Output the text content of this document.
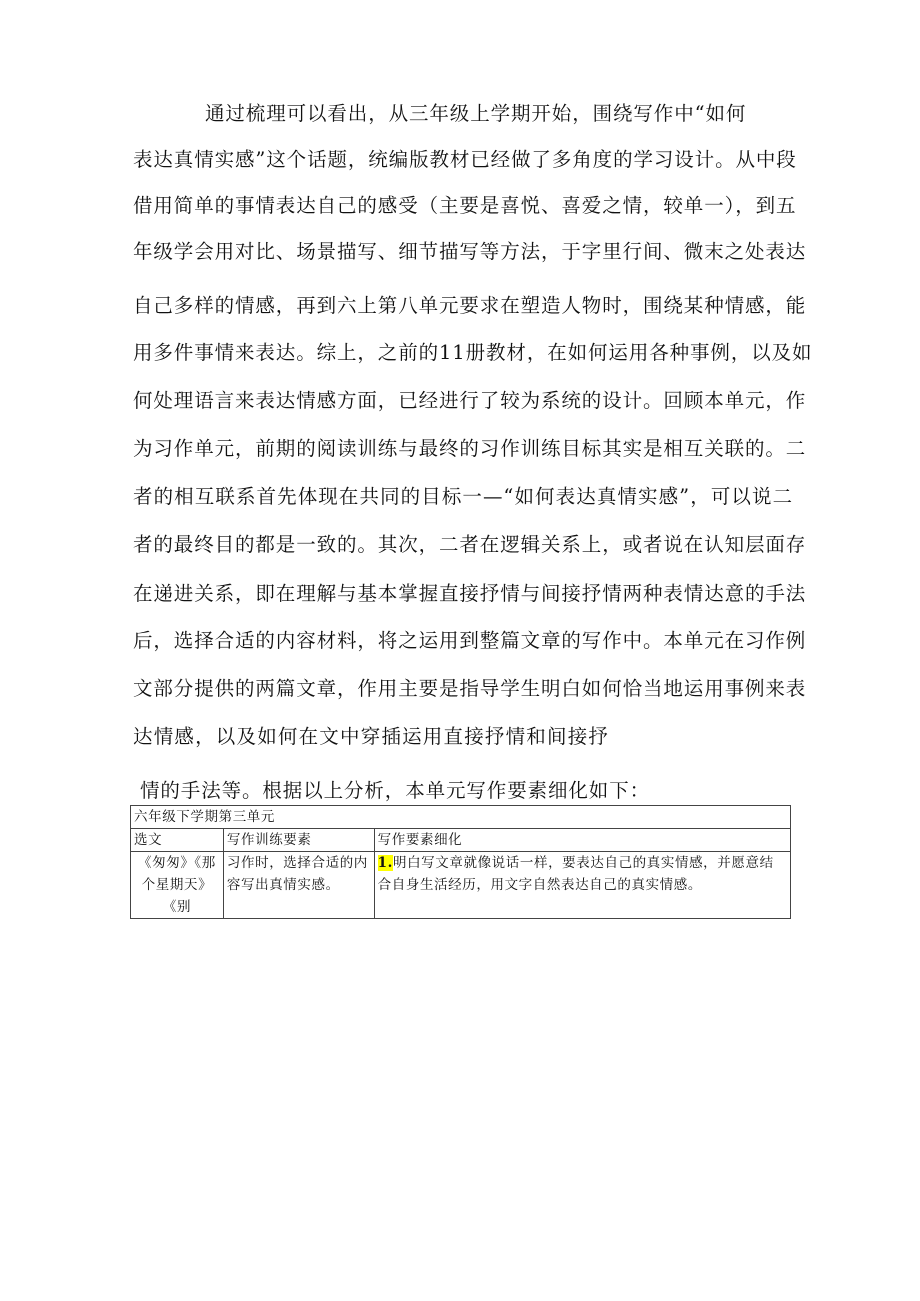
通过梳理可以看出，从三年级上学期开始，围绕写作中“如何
表达真情实感”这个话题，统编版教材已经做了多角度的学习设计。从中段
借用简单的事情表达自己的感受（主要是喜悦、喜爱之情，较单一），到五
年级学会用对比、场景描写、细节描写等方法，于字里行间、微末之处表达
自己多样的情感，再到六上第八单元要求在塑造人物时，围绕某种情感，能
用多件事情来表达。综上，之前的11册教材，在如何运用各种事例，以及如
何处理语言来表达情感方面，已经进行了较为系统的设计。回顾本单元，作
为习作单元，前期的阅读训练与最终的习作训练目标其实是相互关联的。二
者的相互联系首先体现在共同的目标一—“如何表达真情实感”，可以说二
者的最终目的都是一致的。其次，二者在逻辑关系上，或者说在认知层面存
在递进关系，即在理解与基本掌握直接抒情与间接抒情两种表情达意的手法
后，选择合适的内容材料，将之运用到整篇文章的写作中。本单元在习作例
文部分提供的两篇文章，作用主要是指导学生明白如何恰当地运用事例来表
达情感，以及如何在文中穿插运用直接抒情和间接抒
情的手法等。根据以上分析，本单元写作要素细化如下：
六年级下学期第三单元		
选文	写作训练要素	写作要素细化

《匆匆》《那个星期天》《别	习作时，选择合适的内容写出真情实感。	1.明白写文章就像说话一样，要表达自己的真实情感，并愿意结合自身生活经历，用文字自然表达自己的真实情感。
